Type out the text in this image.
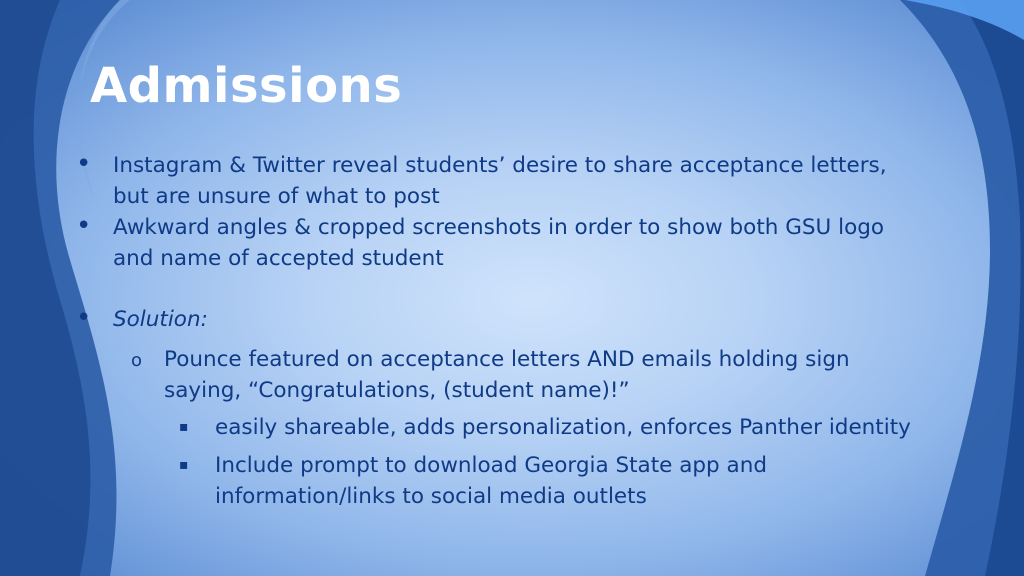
Admissions
• Instagram & Twitter reveal students’ desire to share acceptance letters,
but are unsure of what to post
• Awkward angles & cropped screenshots in order to show both GSU logo
and name of accepted student
• Solution:
o Pounce featured on acceptance letters AND emails holding sign
saying, “Congratulations, (student name)!”
▪ easily shareable, adds personalization, enforces Panther identity
▪ Include prompt to download Georgia State app and
information/links to social media outlets
